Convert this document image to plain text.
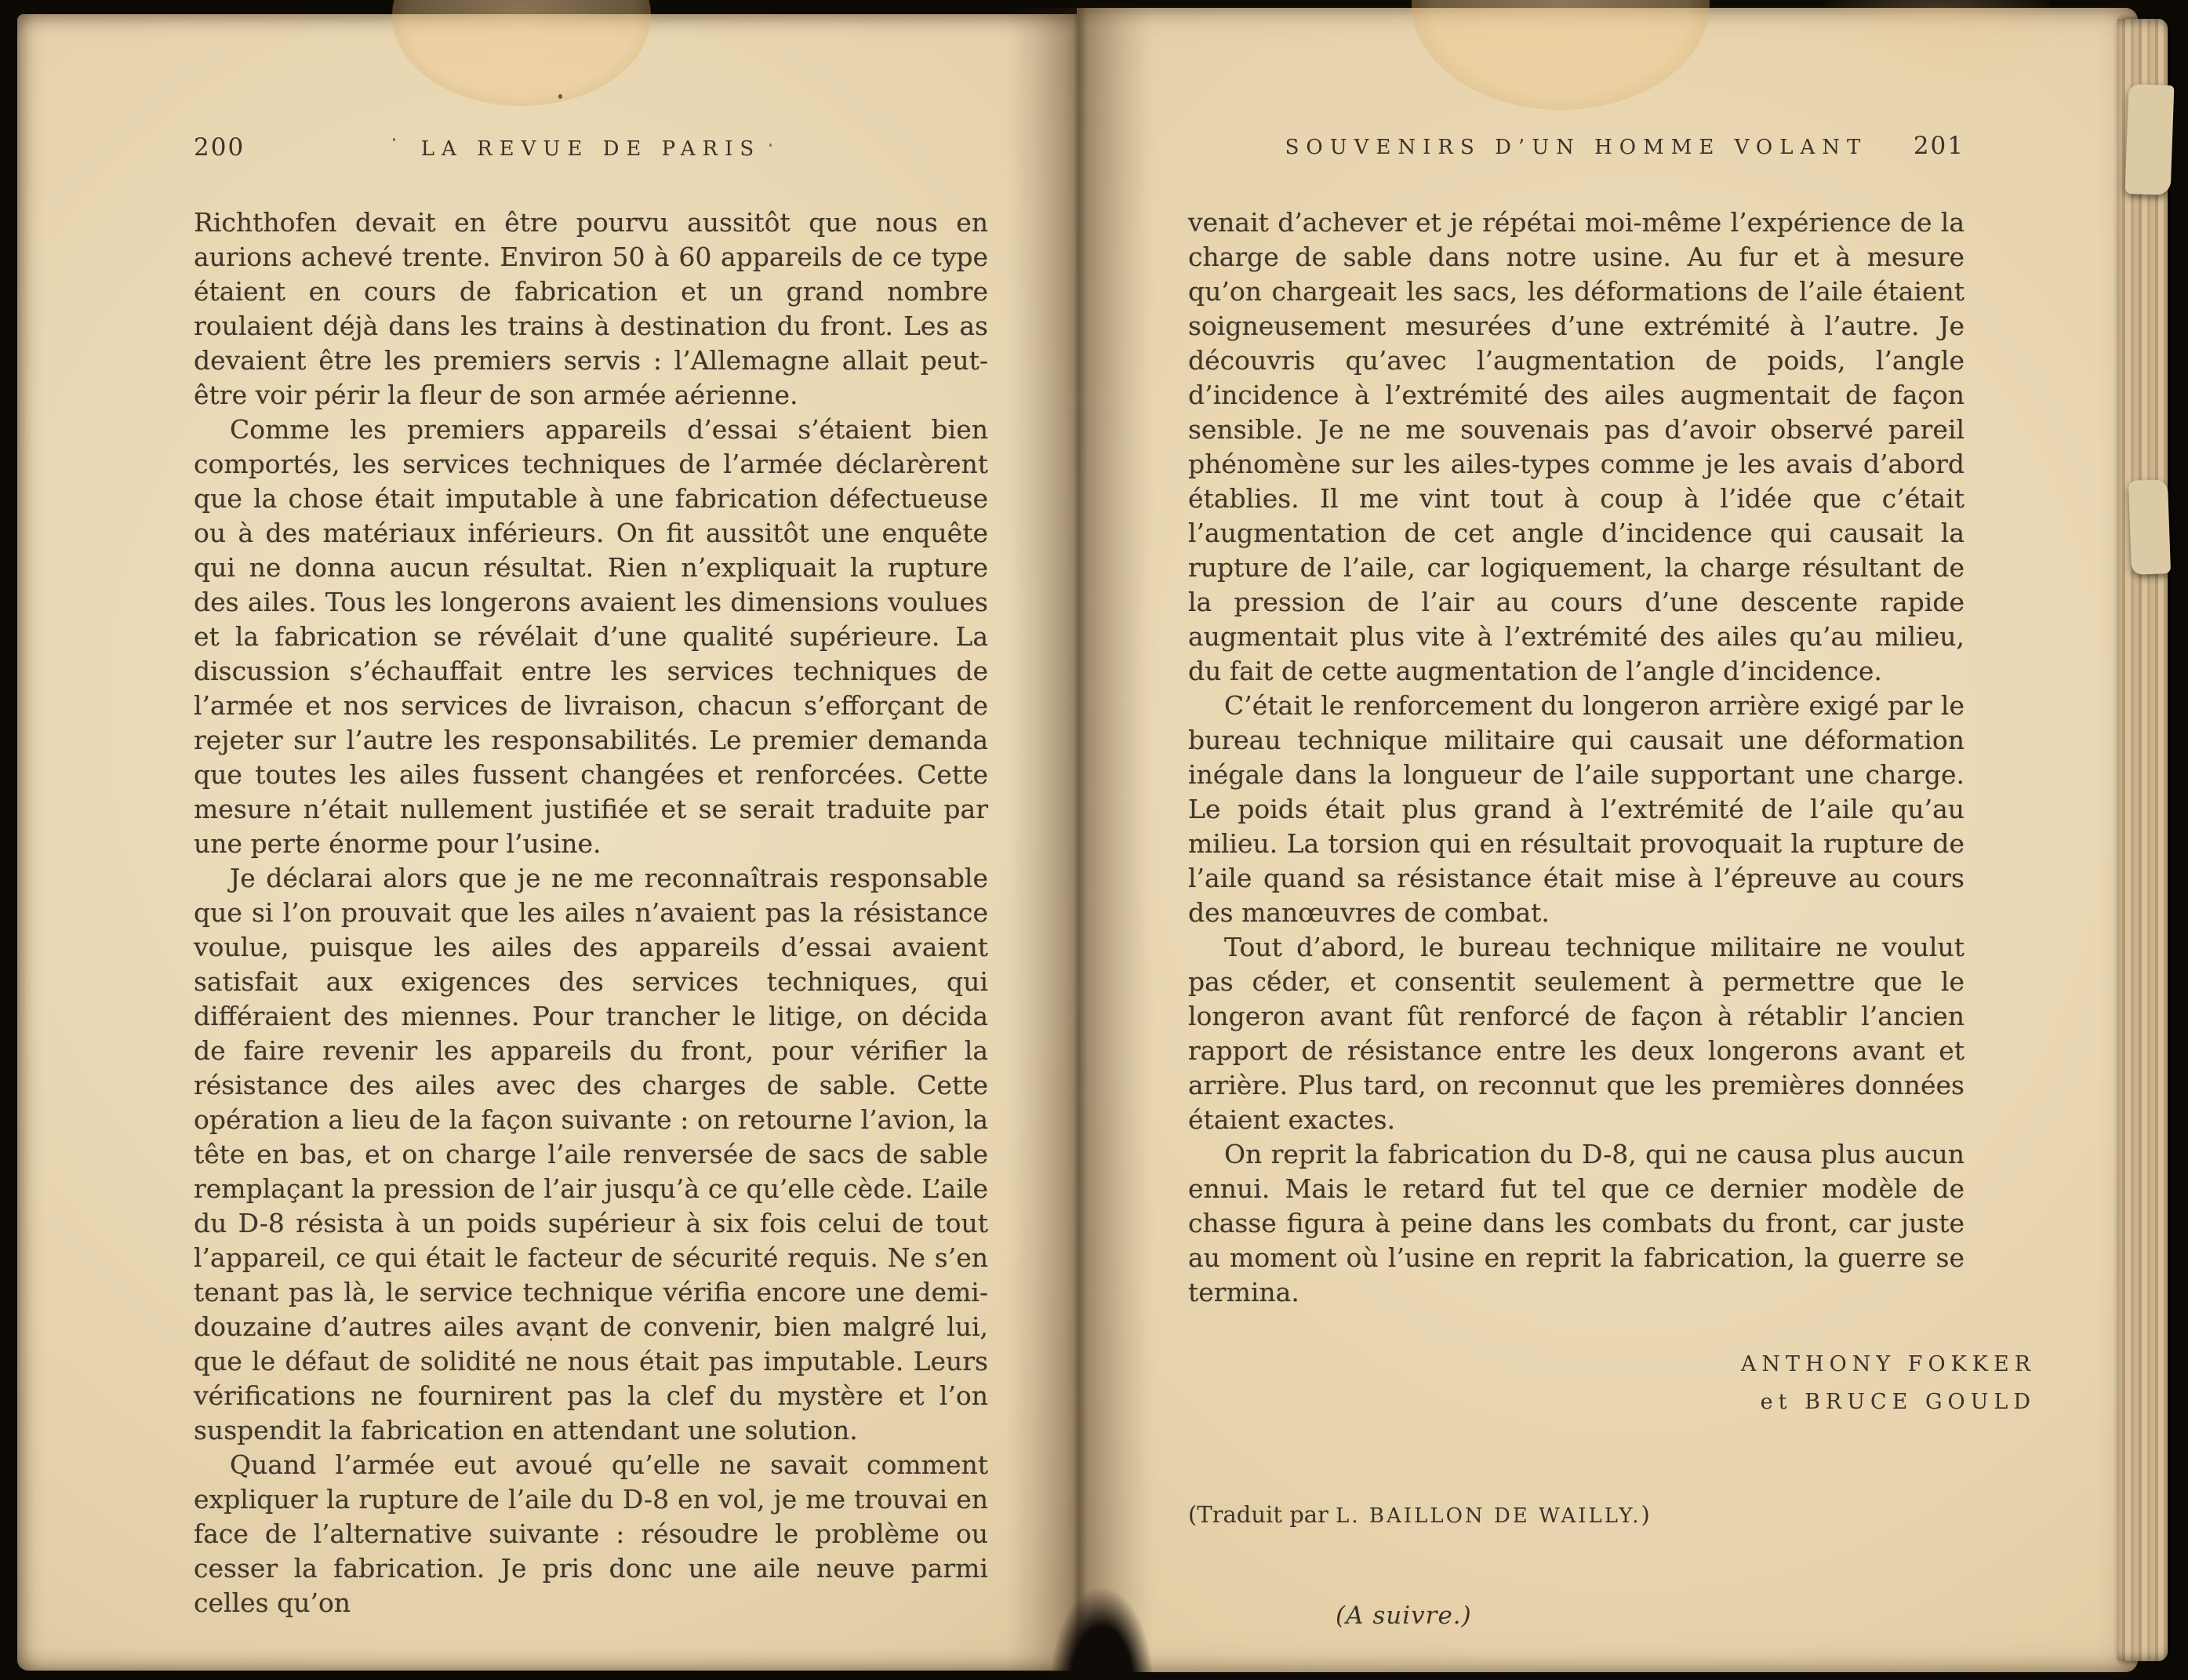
200	LA REVUE DE PARIS

Richthofen devait en être pourvu aussitôt que nous en aurions achevé trente. Environ 50 à 60 appareils de ce type étaient en cours de fabrication et un grand nombre roulaient déjà dans les trains à destination du front. Les as devaient être les premiers servis : l’Allemagne allait peut-être voir périr la fleur de son armée aérienne.

Comme les premiers appareils d’essai s’étaient bien comportés, les services techniques de l’armée déclarèrent que la chose était imputable à une fabrication défectueuse ou à des matériaux inférieurs. On fit aussitôt une enquête qui ne donna aucun résultat. Rien n’expliquait la rupture des ailes. Tous les longerons avaient les dimensions voulues et la fabrication se révélait d’une qualité supérieure. La discussion s’échauffait entre les services techniques de l’armée et nos services de livraison, chacun s’efforçant de rejeter sur l’autre les responsabilités. Le premier demanda que toutes les ailes fussent changées et renforcées. Cette mesure n’était nullement justifiée et se serait traduite par une perte énorme pour l’usine.

Je déclarai alors que je ne me reconnaîtrais responsable que si l’on prouvait que les ailes n’avaient pas la résistance voulue, puisque les ailes des appareils d’essai avaient satisfait aux exigences des services techniques, qui différaient des miennes. Pour trancher le litige, on décida de faire revenir les appareils du front, pour vérifier la résistance des ailes avec des charges de sable. Cette opération a lieu de la façon suivante : on retourne l’avion, la tête en bas, et on charge l’aile renversée de sacs de sable remplaçant la pression de l’air jusqu’à ce qu’elle cède. L’aile du D-8 résista à un poids supérieur à six fois celui de tout l’appareil, ce qui était le facteur de sécurité requis. Ne s’en tenant pas là, le service technique vérifia encore une demi-douzaine d’autres ailes avant de convenir, bien malgré lui, que le défaut de solidité ne nous était pas imputable. Leurs vérifications ne fournirent pas la clef du mystère et l’on suspendit la fabrication en attendant une solution.

Quand l’armée eut avoué qu’elle ne savait comment expliquer la rupture de l’aile du D-8 en vol, je me trouvai en face de l’alternative suivante : résoudre le problème ou cesser la fabrication. Je pris donc une aile neuve parmi celles qu’on

SOUVENIRS D’UN HOMME VOLANT 201

venait d’achever et je répétai moi-même l’expérience de la charge de sable dans notre usine. Au fur et à mesure qu’on chargeait les sacs, les déformations de l’aile étaient soigneusement mesurées d’une extrémité à l’autre. Je découvris qu’avec l’augmentation de poids, l’angle d’incidence à l’extrémité des ailes augmentait de façon sensible. Je ne me souvenais pas d’avoir observé pareil phénomène sur les ailes-types comme je les avais d’abord établies. Il me vint tout à coup à l’idée que c’était l’augmentation de cet angle d’incidence qui causait la rupture de l’aile, car logiquement, la charge résultant de la pression de l’air au cours d’une descente rapide augmentait plus vite à l’extrémité des ailes qu’au milieu, du fait de cette augmentation de l’angle d’incidence.

C’était le renforcement du longeron arrière exigé par le bureau technique militaire qui causait une déformation inégale dans la longueur de l’aile supportant une charge. Le poids était plus grand à l’extrémité de l’aile qu’au milieu. La torsion qui en résultait provoquait la rupture de l’aile quand sa résistance était mise à l’épreuve au cours des manœuvres de combat.

Tout d’abord, le bureau technique militaire ne voulut pas céder, et consentit seulement à permettre que le longeron avant fût renforcé de façon à rétablir l’ancien rapport de résistance entre les deux longerons avant et arrière. Plus tard, on reconnut que les premières données étaient exactes.

On reprit la fabrication du D-8, qui ne causa plus aucun ennui. Mais le retard fut tel que ce dernier modèle de chasse figura à peine dans les combats du front, car juste au moment où l’usine en reprit la fabrication, la guerre se termina.

ANTHONY FOKKER
et BRUCE GOULD
(Traduit par L. BAILLON DE WAILLY.)
(A suivre.)
